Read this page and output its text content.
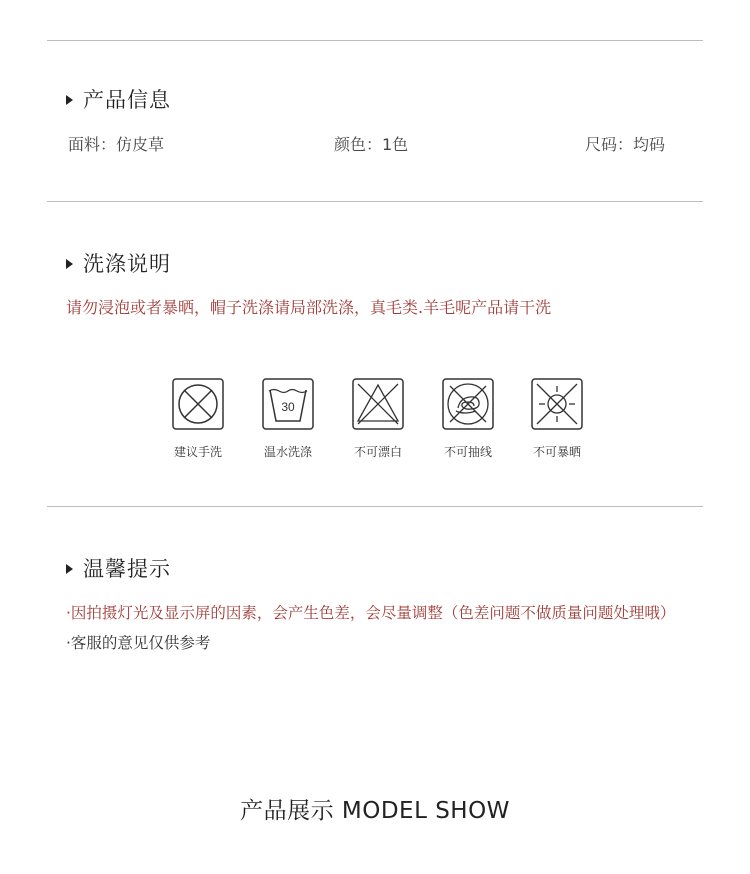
产品信息
面料：仿皮草	颜色：1色	尺码：均码
洗涤说明
请勿浸泡或者暴晒，帽子洗涤请局部洗涤，真毛类.羊毛呢产品请干洗
建议手洗
30
温水洗涤	不可漂白	不可抽线	不可暴晒
温馨提示
·因拍摄灯光及显示屏的因素，会产生色差，会尽量调整（色差问题不做质量问题处理哦）
·客服的意见仅供参考
产品展示 MODEL SHOW
